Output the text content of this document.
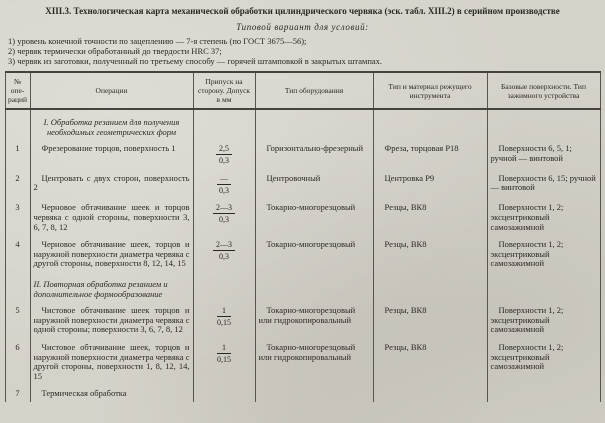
XIII.3. Технологическая карта механической обработки цилиндрического червяка (эск. табл. XIII.2) в серийном производстве
Типовой вариант для условий:
1) уровень конечной точности по зацеплению — 7-я степень (по ГОСТ 3675—56);
2) червяк термически обработанный до твердости HRC 37;
3) червяк из заготовки, полученный по третьему способу — горячей штамповкой в закрытых штампах.
№ опе-раций	Операции	Припуск на сторону. Допуск в мм	Тип оборудования	Тип и материал режущего инструмента	Базовые поверхности. Тип зажимного устройства
	I. Обработка резанием для получения необходимых геометрических форм				
1	Фрезерование торцов, поверхность 1	$\frac{2,5}{0,3}$	Горизонтально-фрезерный	Фреза, торцовая Р18	Поверхности 6, 5, 1; ручной — винтовой
2	Центровать с двух сторон, поверхность 2	$\frac{—}{0,3}$	Центровочный	Центровка Р9	Поверхности 6, 15; ручной — винтовой
3	Черновое обтачивание шеек и торцов червяка с одной стороны, поверхности 3, 6, 7, 8, 12	$\frac{2—3}{0,3}$	Токарно-многорезцовый	Резцы, ВК8	Поверхности 1, 2; эксцентриковый самозажимной
4	Черновое обтачивание шеек, торцов и наружной поверхности диаметра червяка с другой стороны, поверхности 8, 12, 14, 15	$\frac{2—3}{0,3}$	Токарно-многорезцовый	Резцы, ВК8	Поверхности 1, 2; эксцентриковый самозажимной
	II. Повторная обработка резанием и дополнительное формообразование				
5	Чистовое обтачивание шеек торцов и наружной поверхности диаметра червяка с одной стороны; поверхности 3, 6, 7, 8, 12	$\frac{1}{0,15}$	Токарно-многорезцовый или гидрокопировальный	Резцы, ВК8	Поверхности 1, 2; эксцентриковый самозажимной
6	Чистовое обтачивание шеек, торцов и наружной поверхности диаметра червяка с другой стороны, поверхности 1, 8, 12, 14, 15	$\frac{1}{0,15}$	Токарно-многорезцовый или гидрокопировальный	Резцы, ВК8	Поверхности 1, 2; эксцентриковый самозажимной
7	Термическая обработка				
